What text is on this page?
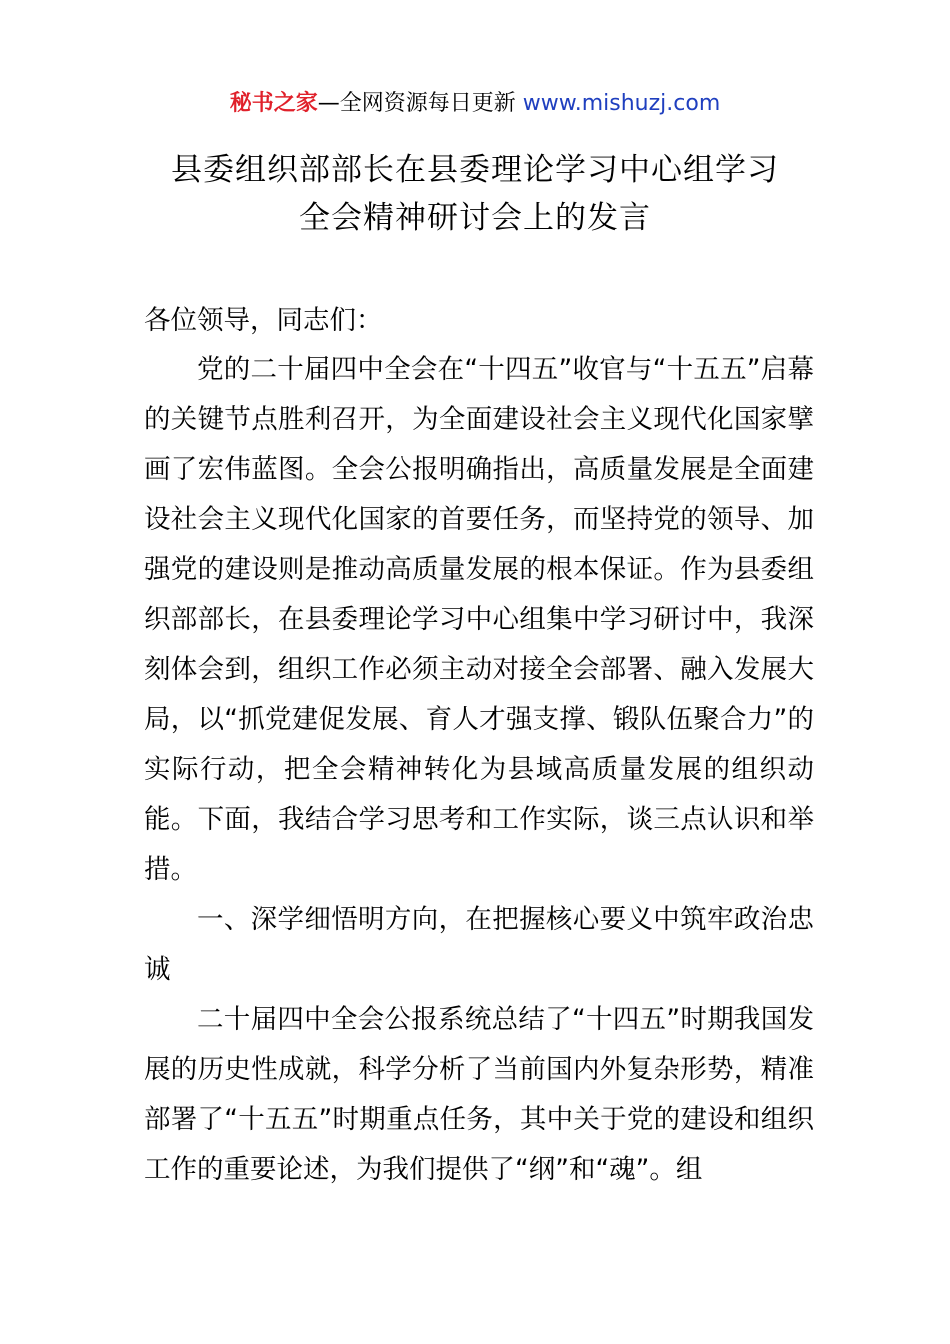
秘书之家—全网资源每日更新 www.mishuzj.com
县委组织部部长在县委理论学习中心组学习
全会精神研讨会上的发言
各位领导，同志们：
党的二十届四中全会在“十四五”收官与“十五五”启幕的关键节点胜利召开，为全面建设社会主义现代化国家擘画了宏伟蓝图。全会公报明确指出，高质量发展是全面建设社会主义现代化国家的首要任务，而坚持党的领导、加强党的建设则是推动高质量发展的根本保证。作为县委组织部部长，在县委理论学习中心组集中学习研讨中，我深刻体会到，组织工作必须主动对接全会部署、融入发展大局，以“抓党建促发展、育人才强支撑、锻队伍聚合力”的实际行动，把全会精神转化为县域高质量发展的组织动能。下面，我结合学习思考和工作实际，谈三点认识和举措。
一、深学细悟明方向，在把握核心要义中筑牢政治忠诚
二十届四中全会公报系统总结了“十四五”时期我国发展的历史性成就，科学分析了当前国内外复杂形势，精准部署了“十五五”时期重点任务，其中关于党的建设和组织工作的重要论述，为我们提供了“纲”和“魂”。组
